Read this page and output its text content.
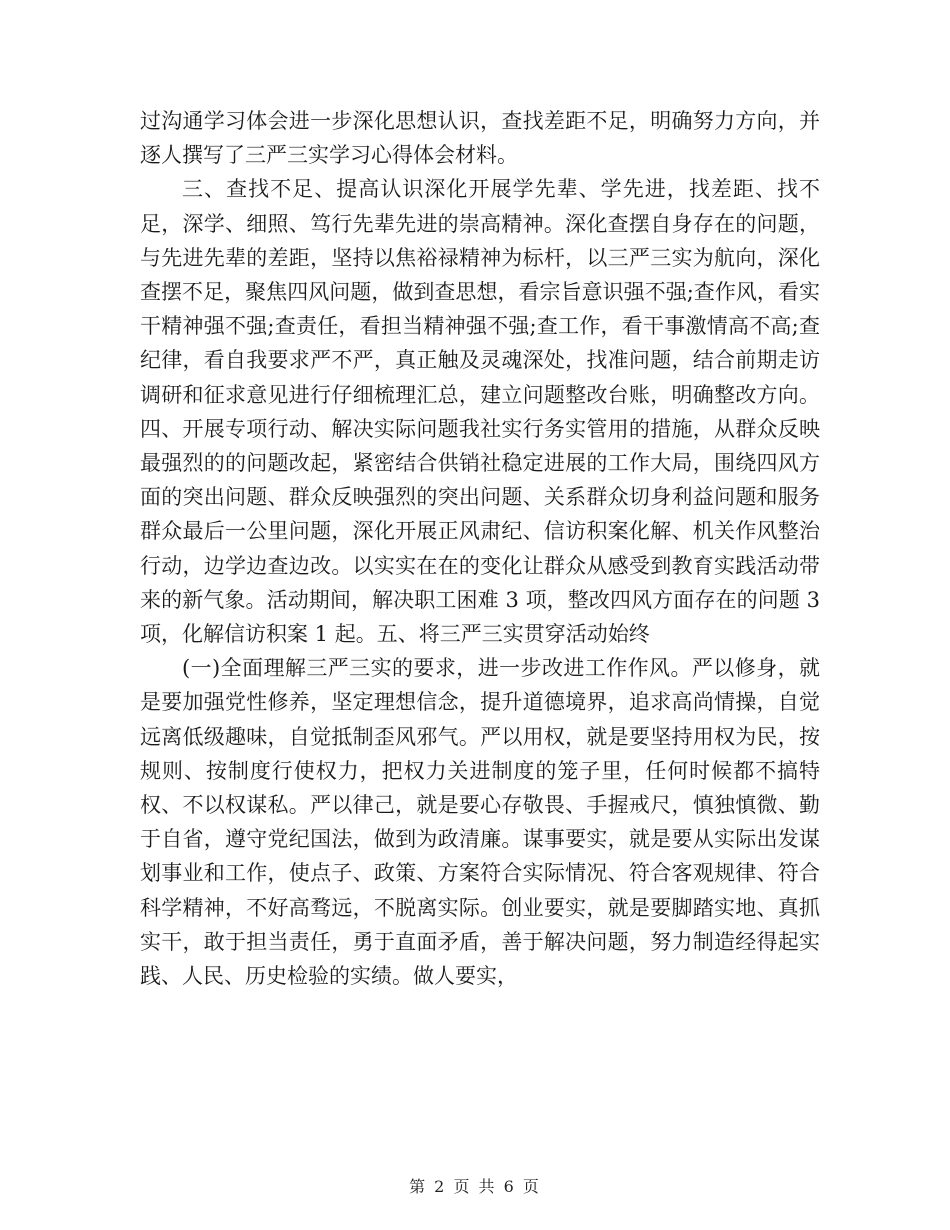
过沟通学习体会进一步深化思想认识，查找差距不足，明确努力方向，并逐人撰写了三严三实学习心得体会材料。

三、查找不足、提高认识深化开展学先辈、学先进，找差距、找不足，深学、细照、笃行先辈先进的崇高精神。深化查摆自身存在的问题，与先进先辈的差距，坚持以焦裕禄精神为标杆，以三严三实为航向，深化查摆不足，聚焦四风问题，做到查思想，看宗旨意识强不强;查作风，看实干精神强不强;查责任，看担当精神强不强;查工作，看干事激情高不高;查纪律，看自我要求严不严，真正触及灵魂深处，找准问题，结合前期走访调研和征求意见进行仔细梳理汇总，建立问题整改台账，明确整改方向。四、开展专项行动、解决实际问题我社实行务实管用的措施，从群众反映最强烈的的问题改起，紧密结合供销社稳定进展的工作大局，围绕四风方面的突出问题、群众反映强烈的突出问题、关系群众切身利益问题和服务群众最后一公里问题，深化开展正风肃纪、信访积案化解、机关作风整治行动，边学边查边改。以实实在在的变化让群众从感受到教育实践活动带来的新气象。活动期间，解决职工困难 3 项，整改四风方面存在的问题 3 项，化解信访积案 1 起。五、将三严三实贯穿活动始终

(一)全面理解三严三实的要求，进一步改进工作作风。严以修身，就是要加强党性修养，坚定理想信念，提升道德境界，追求高尚情操，自觉远离低级趣味，自觉抵制歪风邪气。严以用权，就是要坚持用权为民，按规则、按制度行使权力，把权力关进制度的笼子里，任何时候都不搞特权、不以权谋私。严以律己，就是要心存敬畏、手握戒尺，慎独慎微、勤于自省，遵守党纪国法，做到为政清廉。谋事要实，就是要从实际出发谋划事业和工作，使点子、政策、方案符合实际情况、符合客观规律、符合科学精神，不好高骛远，不脱离实际。创业要实，就是要脚踏实地、真抓实干，敢于担当责任，勇于直面矛盾，善于解决问题，努力制造经得起实践、人民、历史检验的实绩。做人要实，

第 2 页 共 6 页
